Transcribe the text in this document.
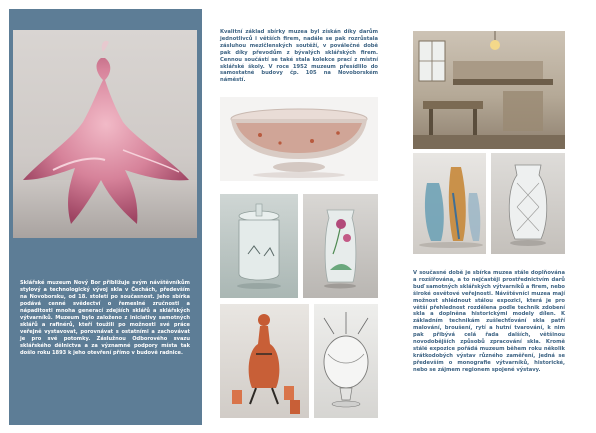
Sklářské muzeum Nový Bor přibližuje svým návštěvníkům stylový a technologický vývoj skla v Čechách, především na Novoborsku, od 18. století po současnost. Jeho sbírka podává cenné svědectví o řemeslné zručnosti a nápaditosti mnoha generací zdejších sklářů a sklářských výtvarníků. Muzeum bylo založeno z iniciativy samotných sklářů a rafinérů, kteří toužili po možnosti své práce veřejně vystavovat, porovnávat s ostatními a zachovávat je pro své potomky. Záslužnou Odborového svazu sklářského dělnictva a za významné podpory místa tak došlo roku 1893 k jeho otevření přímo v budově radnice.

Kvalitní základ sbírky muzea byl získán díky darům jednotlivců i větších firem, nadále se pak rozrůstala zásluhou mezičlenských soutěží, v poválečné době pak díky převodům z bývalých sklářských firem. Cennou součástí se také stala kolekce prací z místní sklářské školy. V roce 1952 muzeum přesídlilo do samostatné budovy čp. 105 na Novoborském náměstí.

V současné době je sbírka muzea stále doplňována a rozšiřována, a to nejčastěji prostřednictvím darů buď samotných sklářských výtvarníků a firem, nebo široké osvětové veřejnosti. Návštěvníci muzea mají možnost shlédnout stálou expozici, která je pro větší přehlednost rozdělena podle technik zdobení skla a doplněna historickými modely dílen. K základním technikám zušlechťování skla patří malování, broušení, rytí a hutní tvarování, k nim pak přibývá celá řada dalších, většinou novodobějších způsobů zpracování skla. Kromě stálé expozice pořádá muzeum během roku několik krátkodobých výstav různého zaměření, jedná se především o monografie výtvarníků, historické, nebo se zájmem regionem spojené výstavy.
